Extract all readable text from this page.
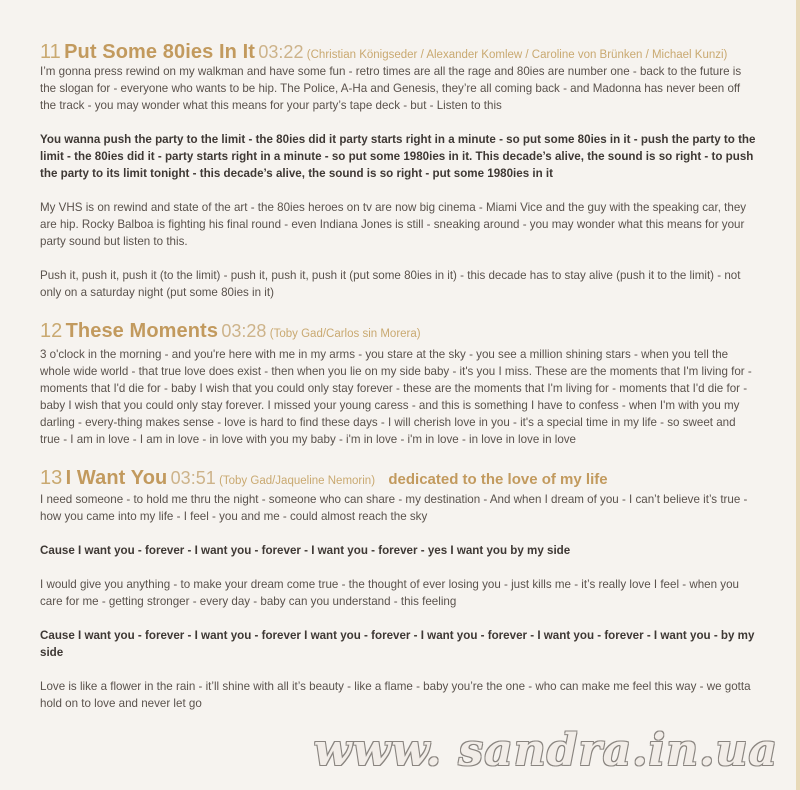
11 Put Some 80ies In It 03:22 (Christian Königseder / Alexander Komlew / Caroline von Brünken / Michael Kunzi)

I’m gonna press rewind on my walkman and have some fun - retro times are all the rage and 80ies are number one - back to the future is the slogan for - everyone who wants to be hip. The Police, A-Ha and Genesis, they’re all coming back - and Madonna has never been off the track - you may wonder what this means for your party’s tape deck - but - Listen to this

You wanna push the party to the limit - the 80ies did it party starts right in a minute - so put some 80ies in it - push the party to the limit - the 80ies did it - party starts right in a minute - so put some 1980ies in it. This decade’s alive, the sound is so right - to push the party to its limit tonight - this decade’s alive, the sound is so right - put some 1980ies in it

My VHS is on rewind and state of the art - the 80ies heroes on tv are now big cinema - Miami Vice and the guy with the speaking car, they are hip. Rocky Balboa is fighting his final round - even Indiana Jones is still - sneaking around - you may wonder what this means for your party sound but listen to this.

Push it, push it, push it (to the limit) - push it, push it, push it (put some 80ies in it) - this decade has to stay alive (push it to the limit) - not only on a saturday night (put some 80ies in it)

12 These Moments 03:28 (Toby Gad/Carlos sin Morera)

3 o'clock in the morning - and you're here with me in my arms - you stare at the sky - you see a million shining stars - when you tell the whole wide world - that true love does exist - then when you lie on my side baby - it's you I miss. These are the moments that I'm living for - moments that I'd die for - baby I wish that you could only stay forever - these are the moments that I'm living for - moments that I'd die for - baby I wish that you could only stay forever. I missed your young caress - and this is something I have to confess - when I'm with you my darling - every-thing makes sense - love is hard to find these days - I will cherish love in you - it's a special time in my life - so sweet and true - I am in love - I am in love - in love with you my baby - i'm in love - i'm in love - in love in love in love

13 I Want You 03:51 (Toby Gad/Jaqueline Nemorin) dedicated to the love of my life

I need someone - to hold me thru the night - someone who can share - my destination - And when I dream of you - I can’t believe it’s true - how you came into my life - I feel - you and me - could almost reach the sky

Cause I want you - forever - I want you - forever - I want you - forever - yes I want you by my side

I would give you anything - to make your dream come true - the thought of ever losing you - just kills me - it’s really love I feel - when you care for me - getting stronger - every day - baby can you understand - this feeling

Cause I want you - forever - I want you - forever I want you - forever - I want you - forever - I want you - forever - I want you - by my side

Love is like a flower in the rain - it’ll shine with all it’s beauty - like a flame - baby you’re the one - who can make me feel this way - we gotta hold on to love and never let go

www. sandra.in.ua
